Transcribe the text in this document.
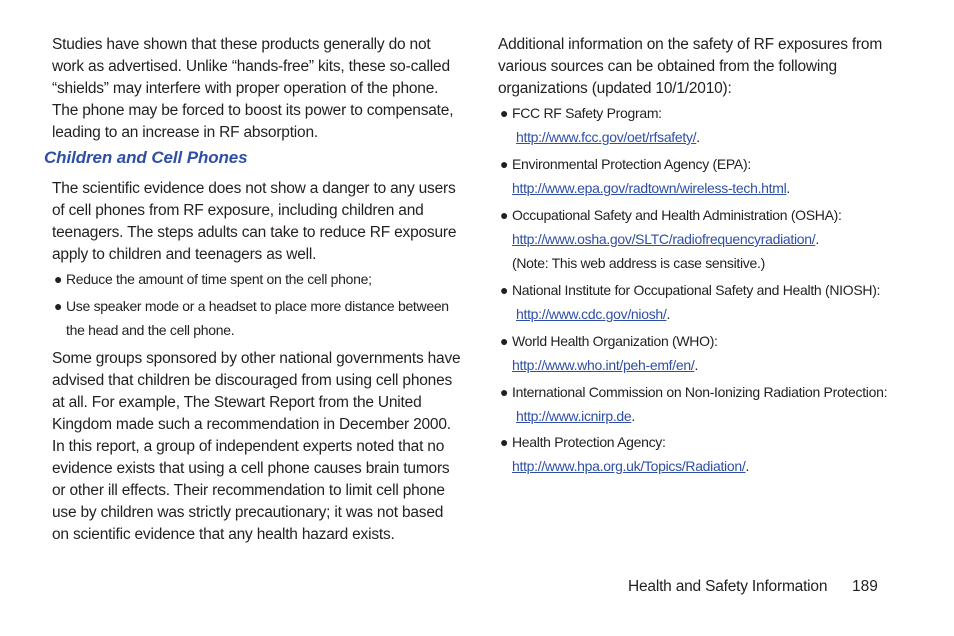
Studies have shown that these products generally do not

work as advertised. Unlike “hands-free” kits, these so-called

“shields” may interfere with proper operation of the phone.

The phone may be forced to boost its power to compensate,

leading to an increase in RF absorption.

Children and Cell Phones

The scientific evidence does not show a danger to any users

of cell phones from RF exposure, including children and

teenagers. The steps adults can take to reduce RF exposure

apply to children and teenagers as well.

● Reduce the amount of time spent on the cell phone;
● Use speaker mode or a headset to place more distance between
the head and the cell phone.

Some groups sponsored by other national governments have

advised that children be discouraged from using cell phones

at all. For example, The Stewart Report from the United

Kingdom made such a recommendation in December 2000.

In this report, a group of independent experts noted that no

evidence exists that using a cell phone causes brain tumors

or other ill effects. Their recommendation to limit cell phone

use by children was strictly precautionary; it was not based

on scientific evidence that any health hazard exists.

Additional information on the safety of RF exposures from

various sources can be obtained from the following

organizations (updated 10/1/2010):

● FCC RF Safety Program:
http://www.fcc.gov/oet/rfsafety/.
● Environmental Protection Agency (EPA):
http://www.epa.gov/radtown/wireless-tech.html.
● Occupational Safety and Health Administration (OSHA):
http://www.osha.gov/SLTC/radiofrequencyradiation/.
(Note: This web address is case sensitive.)
● National Institute for Occupational Safety and Health (NIOSH):
http://www.cdc.gov/niosh/.
● World Health Organization (WHO):
http://www.who.int/peh-emf/en/.
● International Commission on Non-Ionizing Radiation Protection:
http://www.icnirp.de.
● Health Protection Agency:
http://www.hpa.org.uk/Topics/Radiation/.
Health and Safety Information 189
